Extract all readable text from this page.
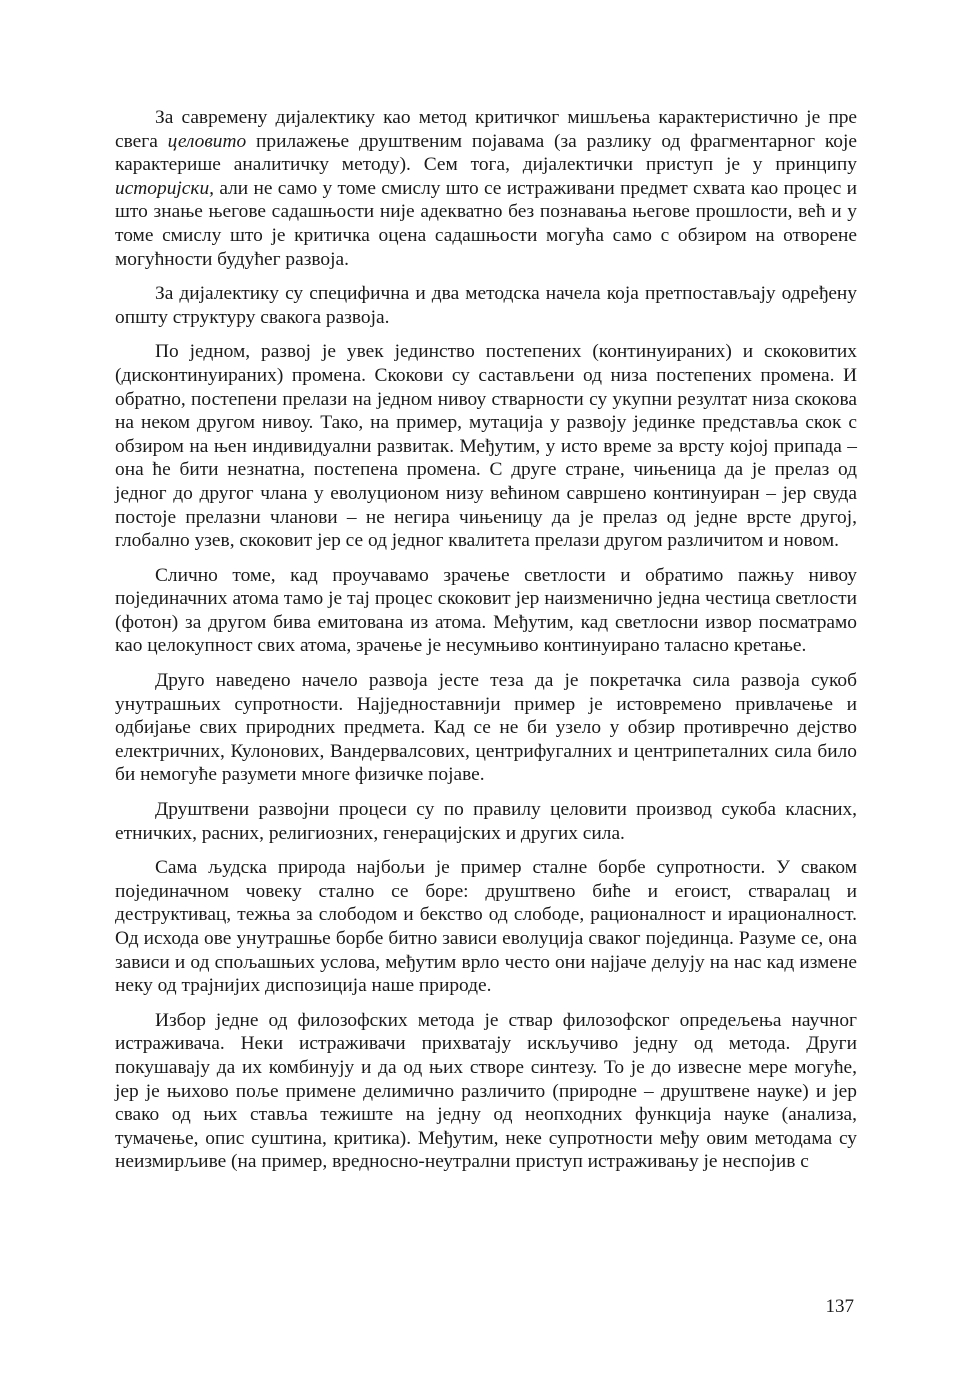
За савремену дијалектику као метод критичког мишљења карактеристично је пре свега целовито прилажење друштвеним појавама (за разлику од фрагментарног које карактерише аналитичку методу). Сем тога, дијалектички приступ је у принципу историјски, али не само у томе смислу што се истраживани предмет схвата као процес и што знање његове садашњости није адекватно без познавања његове прошлости, већ и у томе смислу што је критичка оцена садашњости могућа само с обзиром на отворене могућности будућег развоја.

За дијалектику су специфична и два методска начела која претпостављају одређену општу структуру свакога развоја.

По једном, развој је увек јединство постепених (континуираних) и скоковитих (дисконтинуираних) промена. Скокови су састављени од низа постепених промена. И обратно, постепени прелази на једном нивоу стварности су укупни резултат низа скокова на неком другом нивоу. Тако, на пример, мутација у развоју јединке представља скок с обзиром на њен индивидуални развитак. Међутим, у исто време за врсту којој припада – она ће бити незнатна, постепена промена. С друге стране, чињеница да је прелаз од једног до другог члана у еволуционом низу већином савршено континуиран – јер свуда постоје прелазни чланови – не негира чињеницу да је прелаз од једне врсте другој, глобално узев, скоковит јер се од једног квалитета прелази другом различитом и новом.

Слично томе, кад проучавамо зрачење светлости и обратимо пажњу нивоу појединачних атома тамо је тај процес скоковит јер наизменично једна честица светлости (фотон) за другом бива емитована из атома. Међутим, кад светлосни извор посматрамо као целокупност свих атома, зрачење је несумњиво континуирано таласно кретање.

Друго наведено начело развоја јесте теза да је покретачка сила развоја сукоб унутрашњих супротности. Најједноставнији пример је истовремено привлачење и одбијање свих природних предмета. Кад се не би узело у обзир противречно дејство електричних, Кулонових, Вандервалсових, центрифугалних и центрипеталних сила било би немогуће разумети многе физичке појаве.

Друштвени развојни процеси су по правилу целовити производ сукоба класних, етничких, расних, религиозних, генерацијских и других сила.

Сама људска природа најбољи је пример сталне борбе супротности. У сваком појединачном човеку стално се боре: друштвено биће и егоист, стваралац и деструктивац, тежња за слободом и бекство од слободе, рационалност и ирационалност. Од исхода ове унутрашње борбе битно зависи еволуција сваког појединца. Разуме се, она зависи и од спољашњих услова, међутим врло често они најјаче делују на нас кад измене неку од трајнијих диспозиција наше природе.

Избор једне од филозофских метода је ствар филозофског опредељења научног истраживача. Неки истраживачи прихватају искључиво једну од метода. Други покушавају да их комбинују и да од њих створе синтезу. То је до извесне мере могуће, јер је њихово поље примене делимично различито (природне – друштвене науке) и јер свако од њих ставља тежиште на једну од неопходних функција науке (анализа, тумачење, опис суштина, критика). Међутим, неке супротности међу овим методама су неизмирљиве (на пример, вредносно-неутрални приступ истраживању је неспојив с

137
